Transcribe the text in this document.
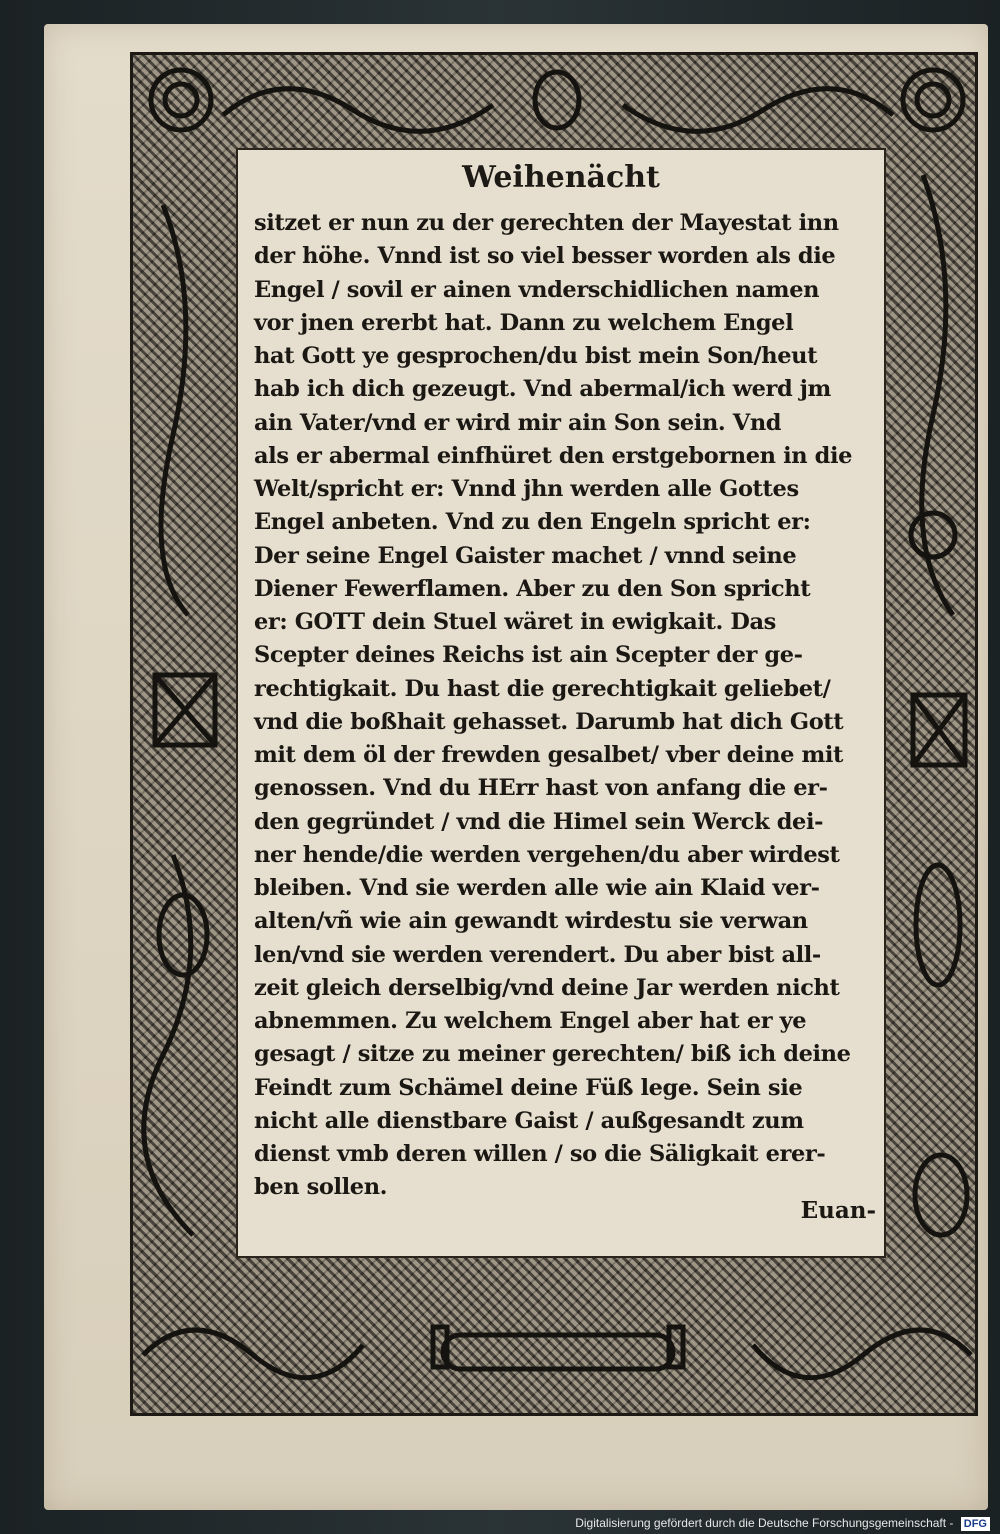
Weihenächt
sitzet er nun zu der gerechten der Mayestat inn
der höhe. Vnnd ist so viel besser worden als die
Engel / sovil er ainen vnderschidlichen namen
vor jnen ererbt hat. Dann zu welchem Engel
hat Gott ye gesprochen/du bist mein Son/heut
hab ich dich gezeugt. Vnd abermal/ich werd jm
ain Vater/vnd er wird mir ain Son sein. Vnd
als er abermal einfhüret den erstgebornen in die
Welt/spricht er: Vnnd jhn werden alle Gottes
Engel anbeten. Vnd zu den Engeln spricht er:
Der seine Engel Gaister machet / vnnd seine
Diener Fewerflamen. Aber zu den Son spricht
er: GOTT dein Stuel wäret in ewigkait. Das
Scepter deines Reichs ist ain Scepter der ge-
rechtigkait. Du hast die gerechtigkait geliebet/
vnd die boßhait gehasset. Darumb hat dich Gott
mit dem öl der frewden gesalbet/ vber deine mit
genossen. Vnd du HErr hast von anfang die er-
den gegründet / vnd die Himel sein Werck dei-
ner hende/die werden vergehen/du aber wirdest
bleiben. Vnd sie werden alle wie ain Klaid ver-
alten/vñ wie ain gewandt wirdestu sie verwan
len/vnd sie werden verendert. Du aber bist all-
zeit gleich derselbig/vnd deine Jar werden nicht
abnemmen. Zu welchem Engel aber hat er ye
gesagt / sitze zu meiner gerechten/ biß ich deine
Feindt zum Schämel deine Füß lege. Sein sie
nicht alle dienstbare Gaist / außgesandt zum
dienst vmb deren willen / so die Säligkait erer-
ben sollen.
Euan-
Digitalisierung gefördert durch die Deutsche Forschungsgemeinschaft - DFG
